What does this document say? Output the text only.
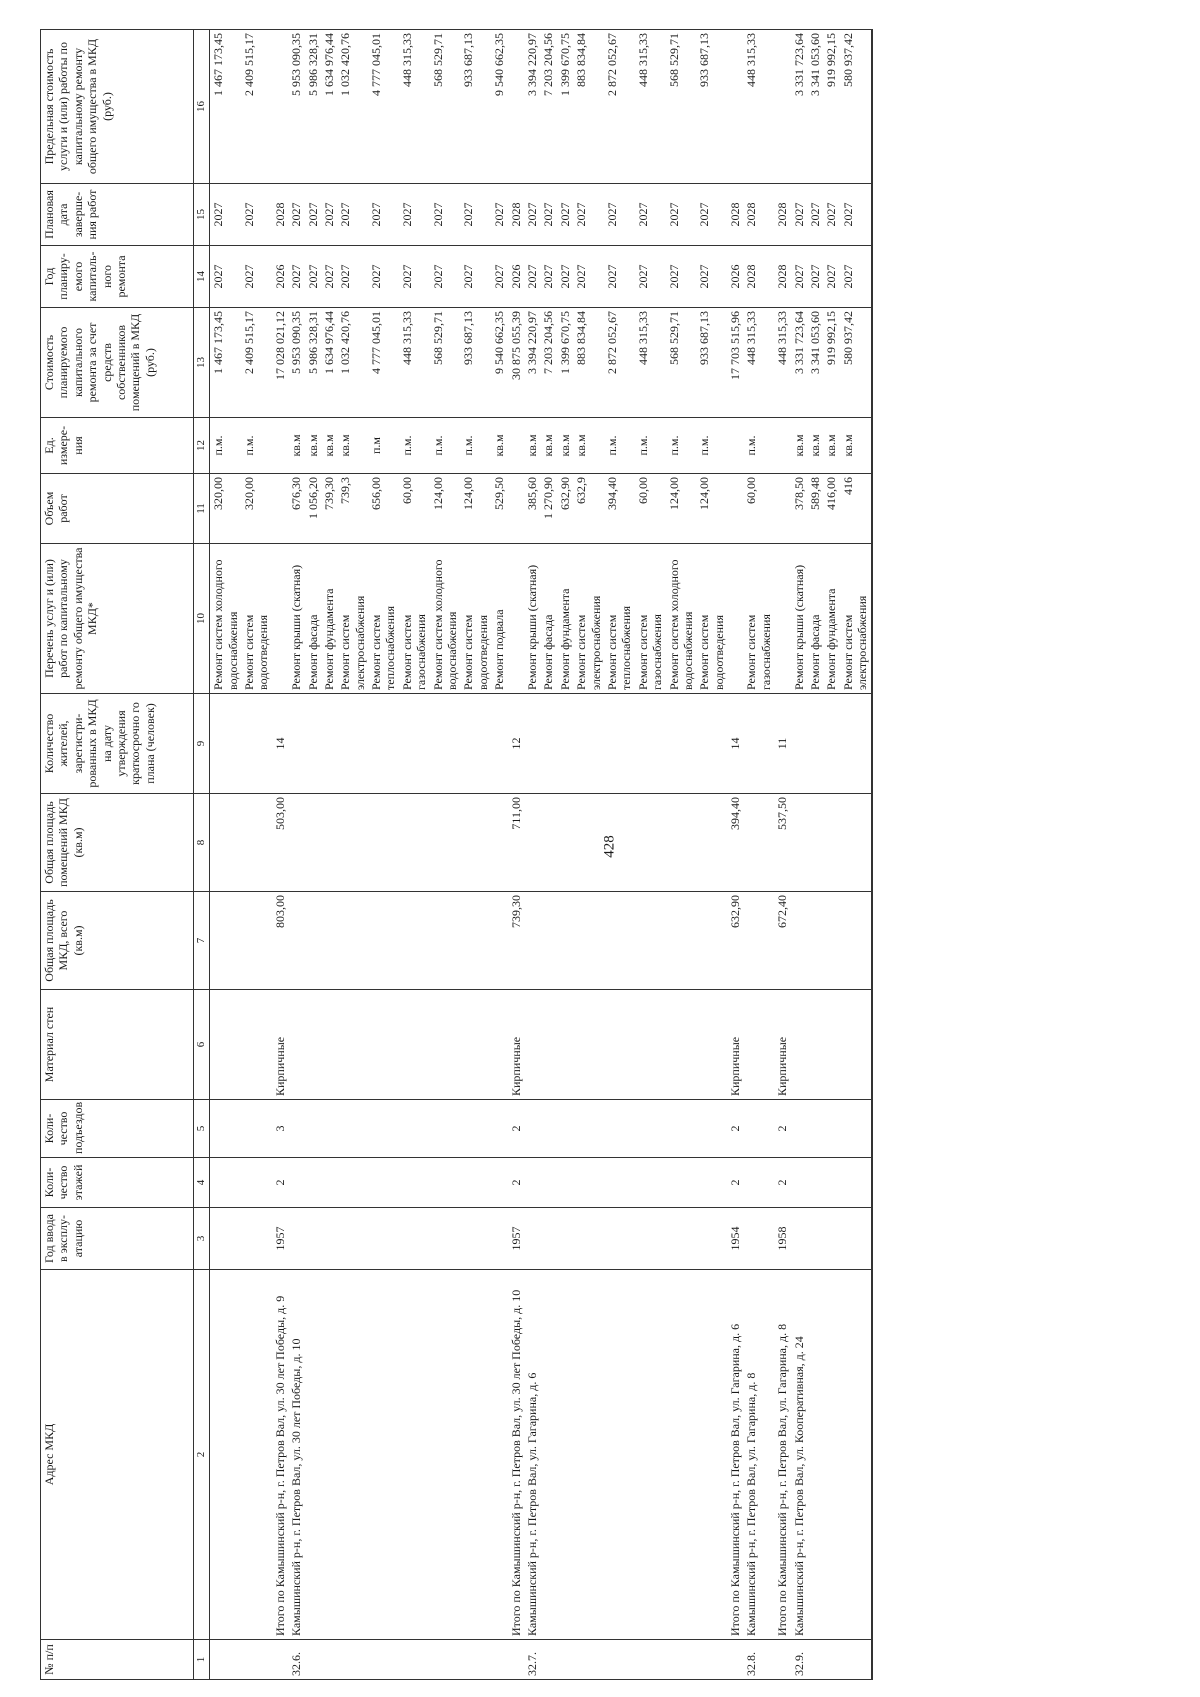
428
№ п/п	Адрес МКД	Год ввода в эксплу-атацию	Коли-чество этажей	Коли-чество подъездов	Материал стен	Общая площадь МКД, всего (кв.м)	Общая площадь помещений МКД (кв.м)	Количество жителей, зарегистри-рованных в МКД на дату утверждения краткосрочно го плана (человек)	Перечень услуг и (или) работ по капитальному ремонту общего имущества МКД*	Объем работ	Ед. измере-ния	Стоимость планируемого капитального ремонта за счет средств собственников помещений в МКД (руб.)	Год планиру-емого капиталь-ного ремонта	Плановая дата заверше-ния работ	Предельная стоимость услуги и (или) работы по капитальному ремонту общего имущества в МКД (руб.)
1	2	3	4	5	6	7	8	9	10	11	12	13	14	15	16
									Ремонт систем холодного водоснабжения	320,00	п.м.	1 467 173,45	2027	2027	1 467 173,45
									Ремонт систем водоотведения	320,00	п.м.	2 409 515,17	2027	2027	2 409 515,17
	Итого по Камышинский р-н, г. Петров Вал, ул. 30 лет Победы, д. 9	1957	2	3	Кирпичные	803,00	503,00	14				17 028 021,12	2026	2028	
32.6.	Камышинский р-н, г. Петров Вал, ул. 30 лет Победы, д. 10								Ремонт крыши (скатная)	676,30	кв.м	5 953 090,35	2027	2027	5 953 090,35
									Ремонт фасада	1 056,20	кв.м	5 986 328,31	2027	2027	5 986 328,31
									Ремонт фундамента	739,30	кв.м	1 634 976,44	2027	2027	1 634 976,44
									Ремонт систем электроснабжения	739,3	кв.м	1 032 420,76	2027	2027	1 032 420,76
									Ремонт систем теплоснабжения	656,00	п.м	4 777 045,01	2027	2027	4 777 045,01
									Ремонт систем газоснабжения	60,00	п.м.	448 315,33	2027	2027	448 315,33
									Ремонт систем холодного водоснабжения	124,00	п.м.	568 529,71	2027	2027	568 529,71
									Ремонт систем водоотведения	124,00	п.м.	933 687,13	2027	2027	933 687,13
									Ремонт подвала	529,50	кв.м	9 540 662,35	2027	2027	9 540 662,35
	Итого по Камышинский р-н, г. Петров Вал, ул. 30 лет Победы, д. 10	1957	2	2	Кирпичные	739,30	711,00	12				30 875 055,39	2026	2028	
32.7.	Камышинский р-н, г. Петров Вал, ул. Гагарина, д. 6								Ремонт крыши (скатная)	385,60	кв.м	3 394 220,97	2027	2027	3 394 220,97
									Ремонт фасада	1 270,90	кв.м	7 203 204,56	2027	2027	7 203 204,56
									Ремонт фундамента	632,90	кв.м	1 399 670,75	2027	2027	1 399 670,75
									Ремонт систем электроснабжения	632,9	кв.м	883 834,84	2027	2027	883 834,84
									Ремонт систем теплоснабжения	394,40	п.м.	2 872 052,67	2027	2027	2 872 052,67
									Ремонт систем газоснабжения	60,00	п.м.	448 315,33	2027	2027	448 315,33
									Ремонт систем холодного водоснабжения	124,00	п.м.	568 529,71	2027	2027	568 529,71
									Ремонт систем водоотведения	124,00	п.м.	933 687,13	2027	2027	933 687,13
	Итого по Камышинский р-н, г. Петров Вал, ул. Гагарина, д. 6	1954	2	2	Кирпичные	632,90	394,40	14				17 703 515,96	2026	2028	
32.8.	Камышинский р-н, г. Петров Вал, ул. Гагарина, д. 8								Ремонт систем газоснабжения	60,00	п.м.	448 315,33	2028	2028	448 315,33
	Итого по Камышинский р-н, г. Петров Вал, ул. Гагарина, д. 8	1958	2	2	Кирпичные	672,40	537,50	11				448 315,33	2028	2028	
32.9.	Камышинский р-н, г. Петров Вал, ул. Кооперативная, д. 24								Ремонт крыши (скатная)	378,50	кв.м	3 331 723,64	2027	2027	3 331 723,64
									Ремонт фасада	589,48	кв.м	3 341 053,60	2027	2027	3 341 053,60
									Ремонт фундамента	416,00	кв.м	919 992,15	2027	2027	919 992,15
									Ремонт систем электроснабжения	416	кв.м	580 937,42	2027	2027	580 937,42
